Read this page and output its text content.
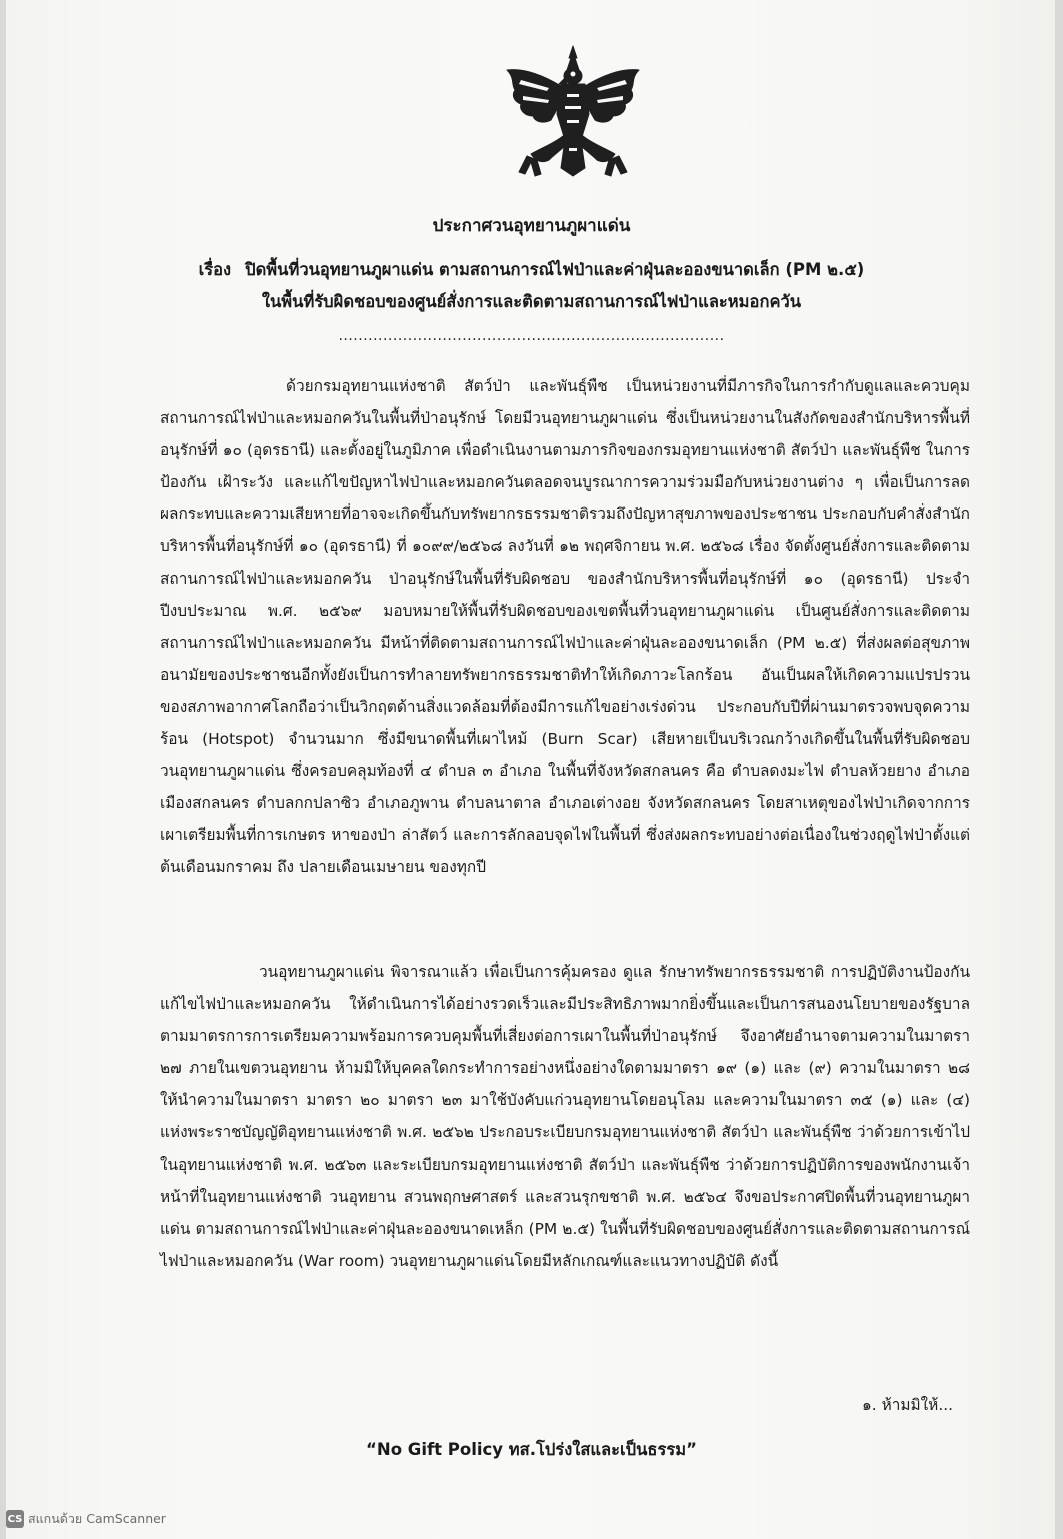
ประกาศวนอุทยานภูผาแด่น
เรื่อง ปิดพื้นที่วนอุทยานภูผาแด่น ตามสถานการณ์ไฟป่าและค่าฝุ่นละอองขนาดเล็ก (PM ๒.๕)
ในพื้นที่รับผิดชอบของศูนย์สั่งการและติดตามสถานการณ์ไฟป่าและหมอกควัน
..............................................................................

ด้วยกรมอุทยานแห่งชาติ สัตว์ป่า และพันธุ์พืช เป็นหน่วยงานที่มีภารกิจในการกำกับดูแลและควบคุมสถานการณ์ไฟป่าและหมอกควันในพื้นที่ป่าอนุรักษ์ โดยมีวนอุทยานภูผาแด่น ซึ่งเป็นหน่วยงานในสังกัดของสำนักบริหารพื้นที่อนุรักษ์ที่ ๑๐ (อุดรธานี) และตั้งอยู่ในภูมิภาค เพื่อดำเนินงานตามภารกิจของกรมอุทยานแห่งชาติ สัตว์ป่า และพันธุ์พืช ในการป้องกัน เฝ้าระวัง และแก้ไขปัญหาไฟป่าและหมอกควันตลอดจนบูรณาการความร่วมมือกับหน่วยงานต่าง ๆ เพื่อเป็นการลดผลกระทบและความเสียหายที่อาจจะเกิดขึ้นกับทรัพยากรธรรมชาติรวมถึงปัญหาสุขภาพของประชาชน ประกอบกับคำสั่งสำนักบริหารพื้นที่อนุรักษ์ที่ ๑๐ (อุดรธานี) ที่ ๑๐๙๙/๒๕๖๘ ลงวันที่ ๑๒ พฤศจิกายน พ.ศ. ๒๕๖๘ เรื่อง จัดตั้งศูนย์สั่งการและติดตามสถานการณ์ไฟป่าและหมอกควัน ป่าอนุรักษ์ในพื้นที่รับผิดชอบ ของสำนักบริหารพื้นที่อนุรักษ์ที่ ๑๐ (อุดรธานี) ประจำปีงบประมาณ พ.ศ. ๒๕๖๙ มอบหมายให้พื้นที่รับผิดชอบของเขตพื้นที่วนอุทยานภูผาแด่น เป็นศูนย์สั่งการและติดตามสถานการณ์ไฟป่าและหมอกควัน มีหน้าที่ติดตามสถานการณ์ไฟป่าและค่าฝุ่นละอองขนาดเล็ก (PM ๒.๕) ที่ส่งผลต่อสุขภาพอนามัยของประชาชนอีกทั้งยังเป็นการทำลายทรัพยากรธรรมชาติทำให้เกิดภาวะโลกร้อน อันเป็นผลให้เกิดความแปรปรวนของสภาพอากาศโลกถือว่าเป็นวิกฤตด้านสิ่งแวดล้อมที่ต้องมีการแก้ไขอย่างเร่งด่วน ประกอบกับปีที่ผ่านมาตรวจพบจุดความร้อน (Hotspot) จำนวนมาก ซึ่งมีขนาดพื้นที่เผาไหม้ (Burn Scar) เสียหายเป็นบริเวณกว้างเกิดขึ้นในพื้นที่รับผิดชอบวนอุทยานภูผาแด่น ซึ่งครอบคลุมท้องที่ ๔ ตำบล ๓ อำเภอ ในพื้นที่จังหวัดสกลนคร คือ ตำบลดงมะไฟ ตำบลห้วยยาง อำเภอเมืองสกลนคร ตำบลกกปลาซิว อำเภอภูพาน ตำบลนาตาล อำเภอเต่างอย จังหวัดสกลนคร โดยสาเหตุของไฟป่าเกิดจากการเผาเตรียมพื้นที่การเกษตร หาของป่า ล่าสัตว์ และการลักลอบจุดไฟในพื้นที่ ซึ่งส่งผลกระทบอย่างต่อเนื่องในช่วงฤดูไฟป่าตั้งแต่ต้นเดือนมกราคม ถึง ปลายเดือนเมษายน ของทุกปี

วนอุทยานภูผาแด่น พิจารณาแล้ว เพื่อเป็นการคุ้มครอง ดูแล รักษาทรัพยากรธรรมชาติ การปฏิบัติงานป้องกันแก้ไขไฟป่าและหมอกควัน ให้ดำเนินการได้อย่างรวดเร็วและมีประสิทธิภาพมากยิ่งขึ้นและเป็นการสนองนโยบายของรัฐบาลตามมาตรการการเตรียมความพร้อมการควบคุมพื้นที่เสี่ยงต่อการเผาในพื้นที่ป่าอนุรักษ์ จึงอาศัยอำนาจตามความในมาตรา ๒๗ ภายในเขตวนอุทยาน ห้ามมิให้บุคคลใดกระทำการอย่างหนึ่งอย่างใดตามมาตรา ๑๙ (๑) และ (๙) ความในมาตรา ๒๘ ให้นำความในมาตรา มาตรา ๒๐ มาตรา ๒๓ มาใช้บังคับแก่วนอุทยานโดยอนุโลม และความในมาตรา ๓๕ (๑) และ (๔) แห่งพระราชบัญญัติอุทยานแห่งชาติ พ.ศ. ๒๕๖๒ ประกอบระเบียบกรมอุทยานแห่งชาติ สัตว์ป่า และพันธุ์พืช ว่าด้วยการเข้าไปในอุทยานแห่งชาติ พ.ศ. ๒๕๖๓ และระเบียบกรมอุทยานแห่งชาติ สัตว์ป่า และพันธุ์พืช ว่าด้วยการปฏิบัติการของพนักงานเจ้าหน้าที่ในอุทยานแห่งชาติ วนอุทยาน สวนพฤกษศาสตร์ และสวนรุกขชาติ พ.ศ. ๒๕๖๔ จึงขอประกาศปิดพื้นที่วนอุทยานภูผาแด่น ตามสถานการณ์ไฟป่าและค่าฝุ่นละอองขนาดเหล็ก (PM ๒.๕) ในพื้นที่รับผิดชอบของศูนย์สั่งการและติดตามสถานการณ์ไฟป่าและหมอกควัน (War room) วนอุทยานภูผาแด่นโดยมีหลักเกณฑ์และแนวทางปฏิบัติ ดังนี้

๑. ห้ามมิให้...
“No Gift Policy ทส.โปร่งใสและเป็นธรรม”
CS สแกนด้วย CamScanner
